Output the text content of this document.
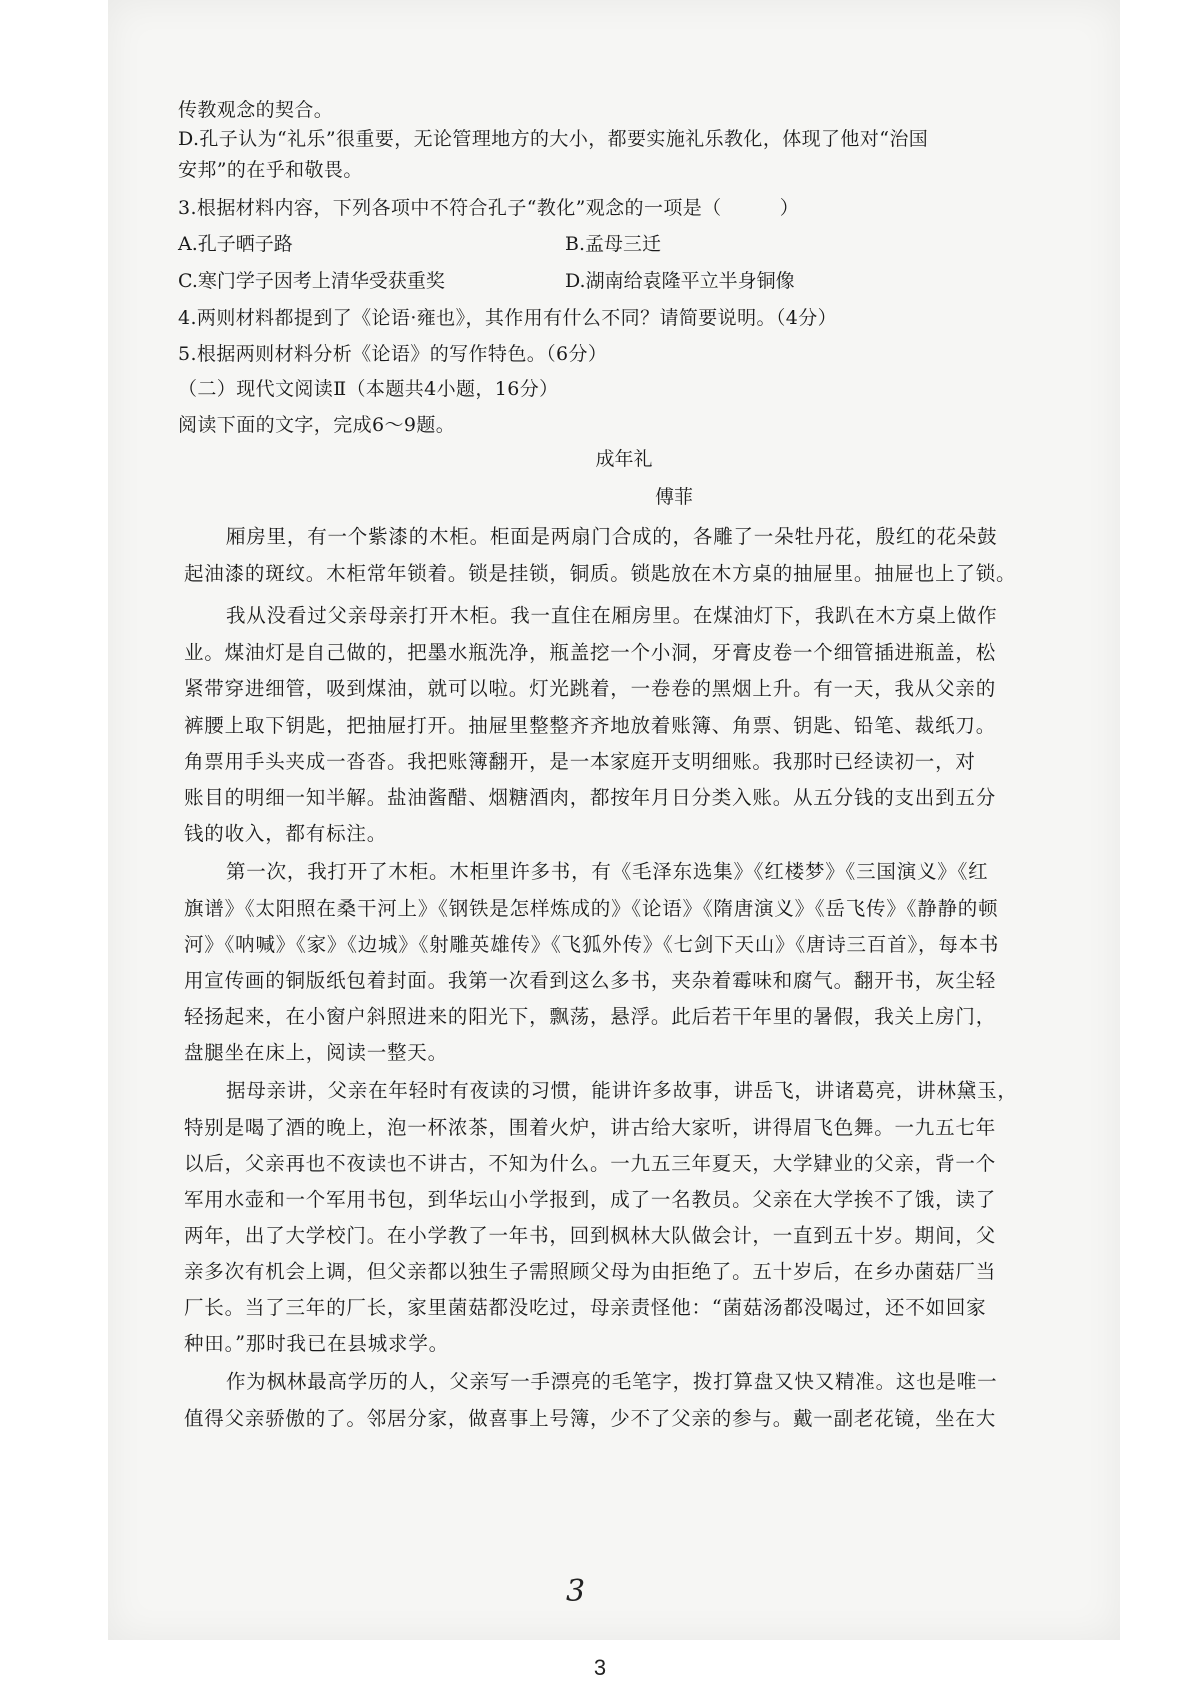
传教观念的契合。
D.孔子认为“礼乐”很重要，无论管理地方的大小，都要实施礼乐教化，体现了他对“治国
安邦”的在乎和敬畏。
3.根据材料内容，下列各项中不符合孔子“教化”观念的一项是（　　　）
A.孔子晒子路	B.孟母三迁
C.寒门学子因考上清华受获重奖	D.湖南给袁隆平立半身铜像
4.两则材料都提到了《论语·雍也》，其作用有什么不同？请简要说明。（4分）
5.根据两则材料分析《论语》的写作特色。（6分）
（二）现代文阅读Ⅱ（本题共4小题，16分）
阅读下面的文字，完成6～9题。
成年礼
傅菲
厢房里，有一个紫漆的木柜。柜面是两扇门合成的，各雕了一朵牡丹花，殷红的花朵鼓
起油漆的斑纹。木柜常年锁着。锁是挂锁，铜质。锁匙放在木方桌的抽屉里。抽屉也上了锁。
我从没看过父亲母亲打开木柜。我一直住在厢房里。在煤油灯下，我趴在木方桌上做作
业。煤油灯是自己做的，把墨水瓶洗净，瓶盖挖一个小洞，牙膏皮卷一个细管插进瓶盖，松
紧带穿进细管，吸到煤油，就可以啦。灯光跳着，一卷卷的黑烟上升。有一天，我从父亲的
裤腰上取下钥匙，把抽屉打开。抽屉里整整齐齐地放着账簿、角票、钥匙、铅笔、裁纸刀。
角票用手头夹成一沓沓。我把账簿翻开，是一本家庭开支明细账。我那时已经读初一，对
账目的明细一知半解。盐油酱醋、烟糖酒肉，都按年月日分类入账。从五分钱的支出到五分
钱的收入，都有标注。
第一次，我打开了木柜。木柜里许多书，有《毛泽东选集》《红楼梦》《三国演义》《红
旗谱》《太阳照在桑干河上》《钢铁是怎样炼成的》《论语》《隋唐演义》《岳飞传》《静静的顿
河》《呐喊》《家》《边城》《射雕英雄传》《飞狐外传》《七剑下天山》《唐诗三百首》，每本书
用宣传画的铜版纸包着封面。我第一次看到这么多书，夹杂着霉味和腐气。翻开书，灰尘轻
轻扬起来，在小窗户斜照进来的阳光下，飘荡，悬浮。此后若干年里的暑假，我关上房门，
盘腿坐在床上，阅读一整天。
据母亲讲，父亲在年轻时有夜读的习惯，能讲许多故事，讲岳飞，讲诸葛亮，讲林黛玉，
特别是喝了酒的晚上，泡一杯浓茶，围着火炉，讲古给大家听，讲得眉飞色舞。一九五七年
以后，父亲再也不夜读也不讲古，不知为什么。一九五三年夏天，大学肄业的父亲，背一个
军用水壶和一个军用书包，到华坛山小学报到，成了一名教员。父亲在大学挨不了饿，读了
两年，出了大学校门。在小学教了一年书，回到枫林大队做会计，一直到五十岁。期间，父
亲多次有机会上调，但父亲都以独生子需照顾父母为由拒绝了。五十岁后，在乡办菌菇厂当
厂长。当了三年的厂长，家里菌菇都没吃过，母亲责怪他：“菌菇汤都没喝过，还不如回家
种田。”那时我已在县城求学。
作为枫林最高学历的人，父亲写一手漂亮的毛笔字，拨打算盘又快又精准。这也是唯一
值得父亲骄傲的了。邻居分家，做喜事上号簿，少不了父亲的参与。戴一副老花镜，坐在大
3
3
